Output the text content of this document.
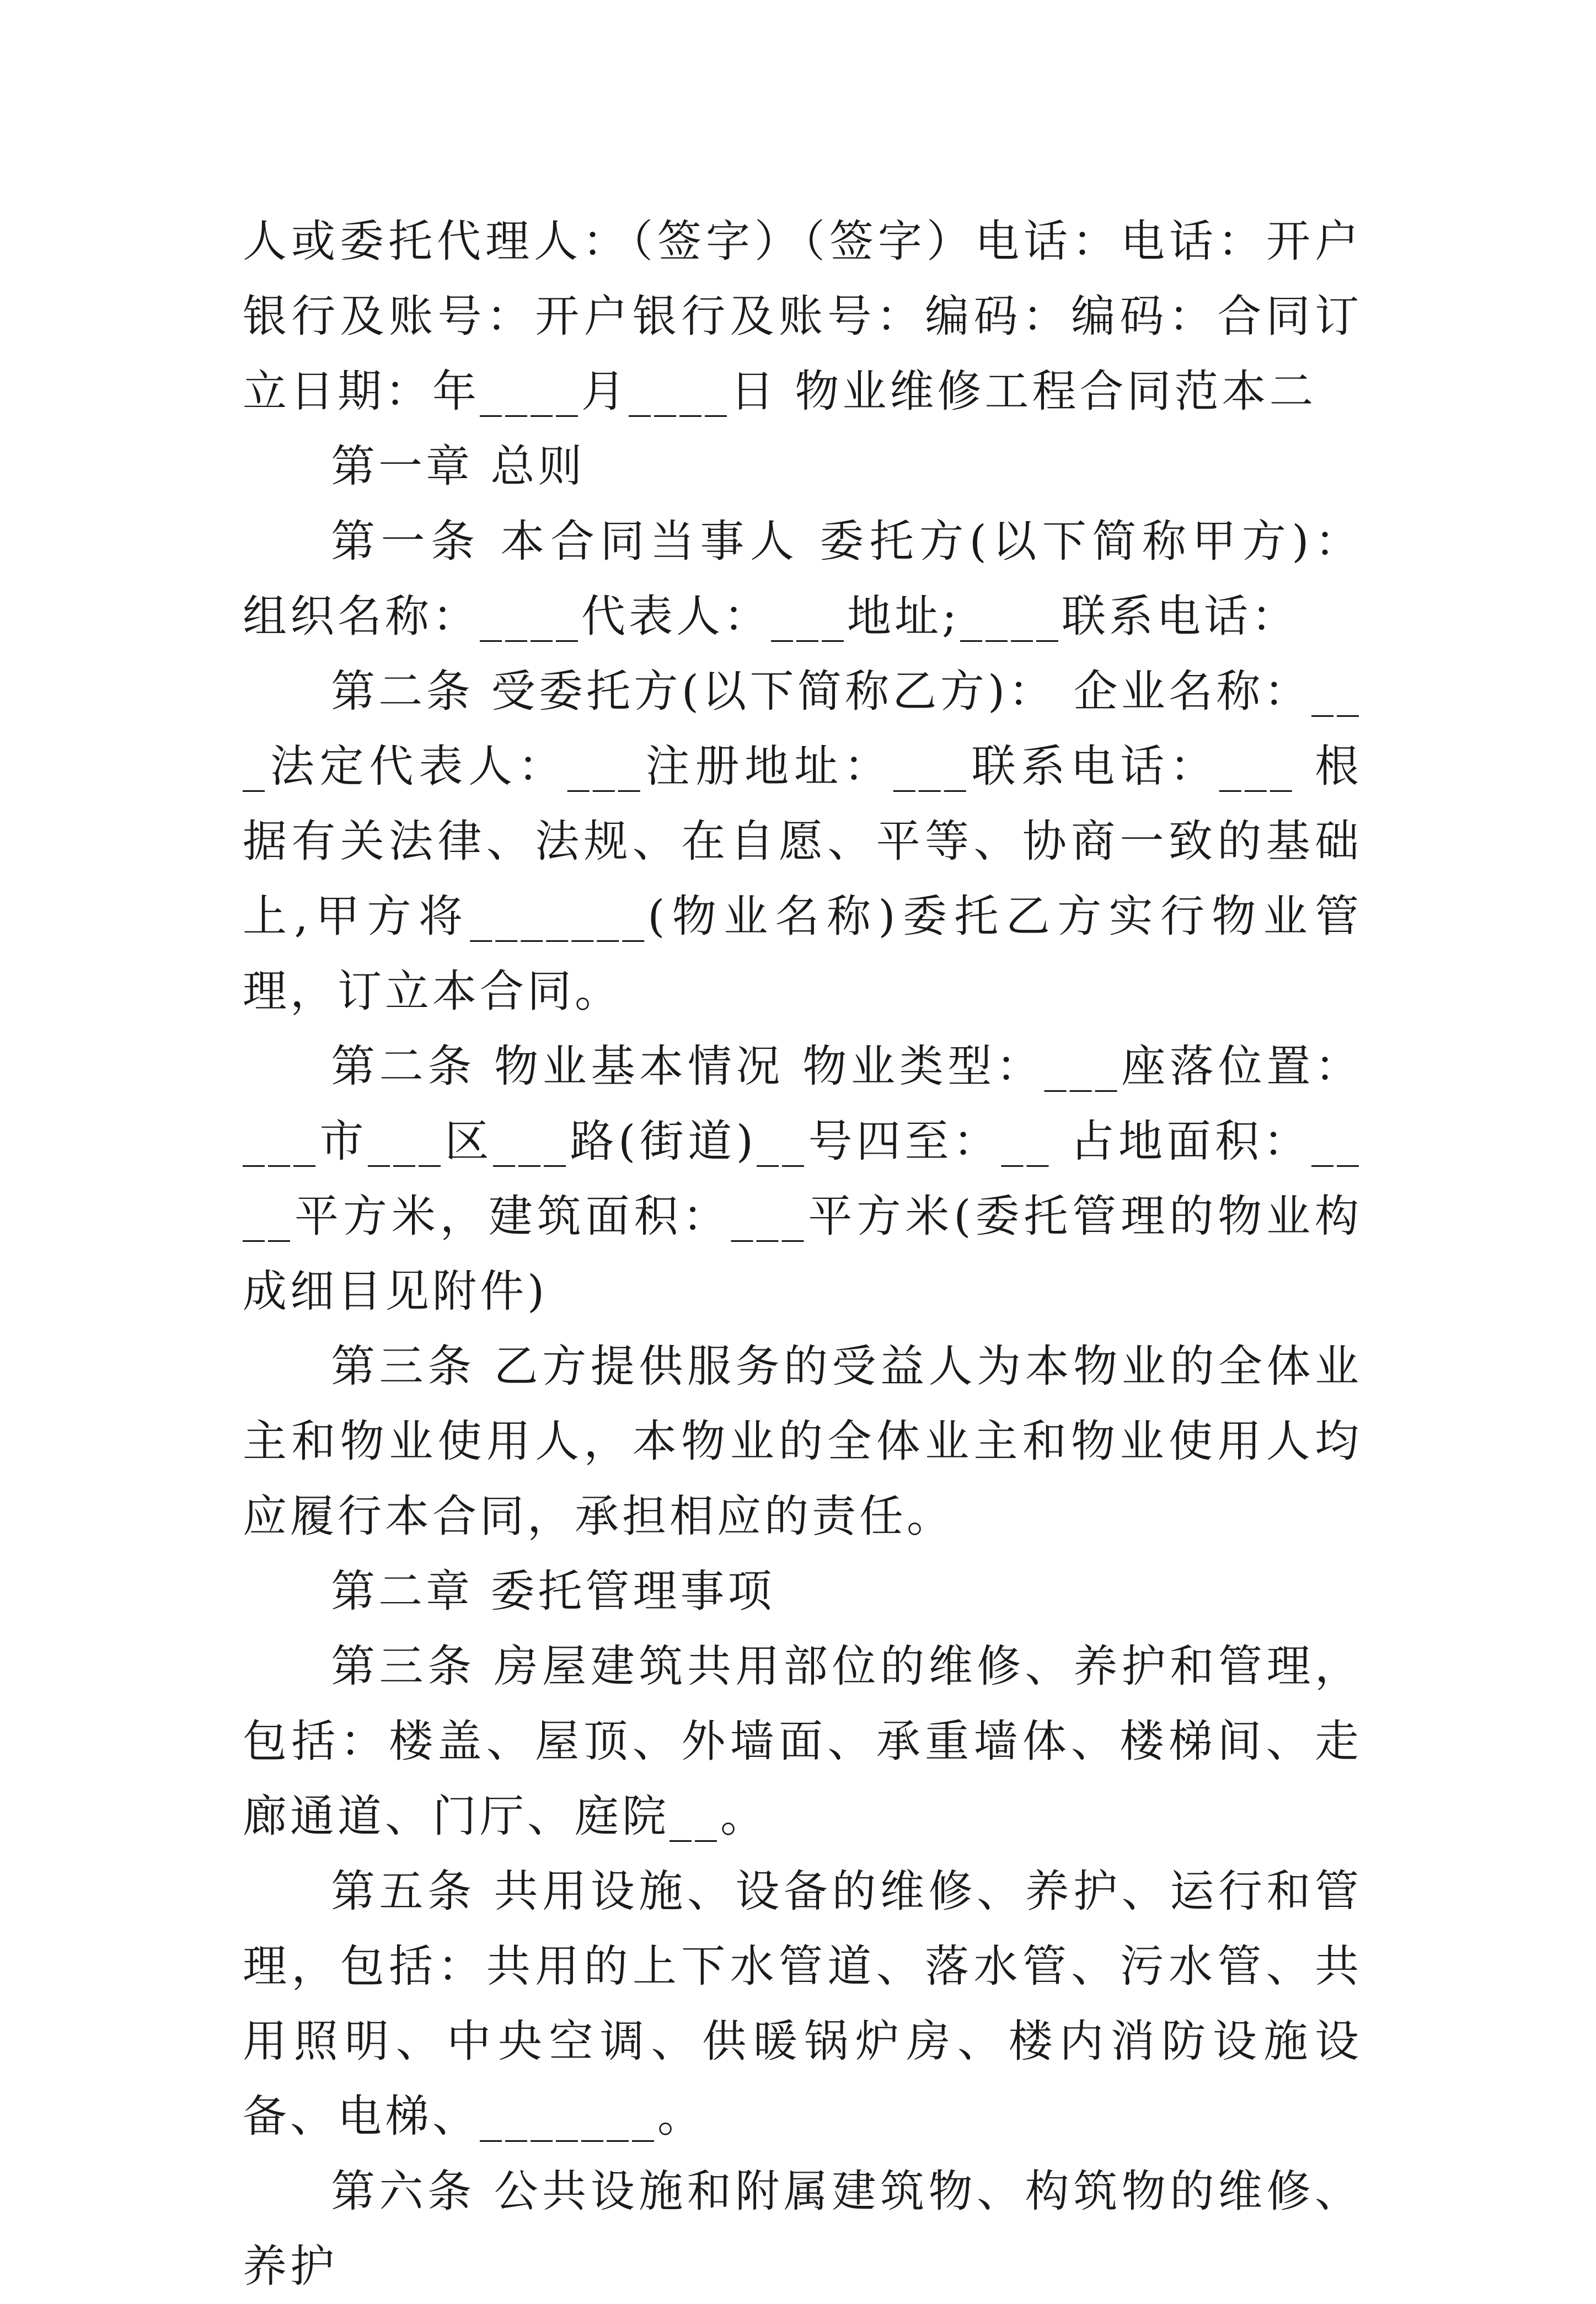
人或委托代理人：（签字）（签字）电话：电话：开户银行及账号：开户银行及账号：编码：编码：合同订立日期：年____月____日 物业维修工程合同范本二

第一章 总则

第一条 本合同当事人 委托方(以下简称甲方)： 组织名称：____代表人：___地址;____联系电话：

第二条 受委托方(以下简称乙方)： 企业名称：___法定代表人：___注册地址：___联系电话：___ 根据有关法律、法规、在自愿、平等、协商一致的基础上,甲方将_______(物业名称)委托乙方实行物业管理，订立本合同。

第二条 物业基本情况 物业类型：___座落位置：___市___区___路(街道)__号四至：__ 占地面积：____平方米，建筑面积：___平方米(委托管理的物业构成细目见附件)

第三条 乙方提供服务的受益人为本物业的全体业主和物业使用人，本物业的全体业主和物业使用人均应履行本合同，承担相应的责任。

第二章 委托管理事项

第三条 房屋建筑共用部位的维修、养护和管理，包括：楼盖、屋顶、外墙面、承重墙体、楼梯间、走廊通道、门厅、庭院__。

第五条 共用设施、设备的维修、养护、运行和管理，包括：共用的上下水管道、落水管、污水管、共用照明、中央空调、供暖锅炉房、楼内消防设施设备、电梯、_______。

第六条 公共设施和附属建筑物、构筑物的维修、养护
